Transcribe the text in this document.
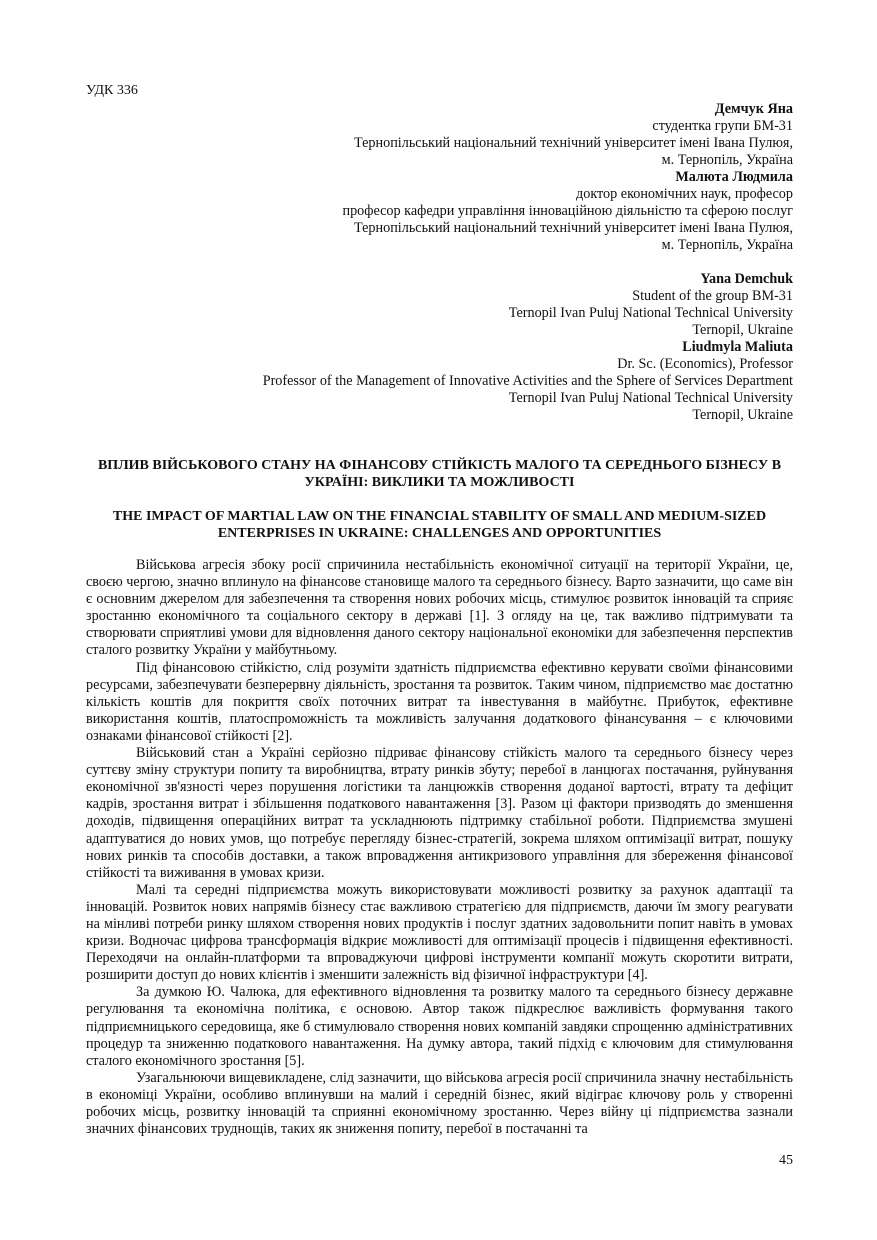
УДК 336
Демчук Яна
студентка групи БМ-31
Тернопільський національний технічний університет імені Івана Пулюя,
м. Тернопіль, Україна
Малюта Людмила
доктор економічних наук, професор
професор кафедри управління інноваційною діяльністю та сферою послуг
Тернопільський національний технічний університет імені Івана Пулюя,
м. Тернопіль, Україна
Yana Demchuk
Student of the group BM-31
Ternopil Ivan Puluj National Technical University
Ternopil, Ukraine
Liudmyla Maliuta
Dr. Sc. (Economics), Professor
Professor of the Management of Innovative Activities and the Sphere of Services Department
Ternopil Ivan Puluj National Technical University
Ternopil, Ukraine
ВПЛИВ ВІЙСЬКОВОГО СТАНУ НА ФІНАНСОВУ СТІЙКІСТЬ МАЛОГО ТА СЕРЕДНЬОГО БІЗНЕСУ В УКРАЇНІ: ВИКЛИКИ ТА МОЖЛИВОСТІ
THE IMPACT OF MARTIAL LAW ON THE FINANCIAL STABILITY OF SMALL AND MEDIUM-SIZED ENTERPRISES IN UKRAINE: CHALLENGES AND OPPORTUNITIES

Військова агресія збоку росії спричинила нестабільність економічної ситуації на території України, це, своєю чергою, значно вплинуло на фінансове становище малого та середнього бізнесу. Варто зазначити, що саме він є основним джерелом для забезпечення та створення нових робочих місць, стимулює розвиток інновацій та сприяє зростанню економічного та соціального сектору в державі [1]. З огляду на це, так важливо підтримувати та створювати сприятливі умови для відновлення даного сектору національної економіки для забезпечення перспектив сталого розвитку України у майбутньому.

Під фінансовою стійкістю, слід розуміти здатність підприємства ефективно керувати своїми фінансовими ресурсами, забезпечувати безперервну діяльність, зростання та розвиток. Таким чином, підприємство має достатню кількість коштів для покриття своїх поточних витрат та інвестування в майбутнє. Прибуток, ефективне використання коштів, платоспроможність та можливість залучання додаткового фінансування – є ключовими ознаками фінансової стійкості [2].

Військовий стан а Україні серйозно підриває фінансову стійкість малого та середнього бізнесу через суттєву зміну структури попиту та виробництва, втрату ринків збуту; перебої в ланцюгах постачання, руйнування економічної зв'язності через порушення логістики та ланцюжків створення доданої вартості, втрату та дефіцит кадрів, зростання витрат і збільшення податкового навантаження [3]. Разом ці фактори призводять до зменшення доходів, підвищення операційних витрат та ускладнюють підтримку стабільної роботи. Підприємства змушені адаптуватися до нових умов, що потребує перегляду бізнес-стратегій, зокрема шляхом оптимізації витрат, пошуку нових ринків та способів доставки, а також впровадження антикризового управління для збереження фінансової стійкості та виживання в умовах кризи.

Малі та середні підприємства можуть використовувати можливості розвитку за рахунок адаптації та інновацій. Розвиток нових напрямів бізнесу стає важливою стратегією для підприємств, даючи їм змогу реагувати на мінливі потреби ринку шляхом створення нових продуктів і послуг здатних задовольнити попит навіть в умовах кризи. Водночас цифрова трансформація відкриє можливості для оптимізації процесів і підвищення ефективності. Переходячи на онлайн-платформи та впроваджуючи цифрові інструменти компанії можуть скоротити витрати, розширити доступ до нових клієнтів і зменшити залежність від фізичної інфраструктури [4].

За думкою Ю. Чалюка, для ефективного відновлення та розвитку малого та середнього бізнесу державне регулювання та економічна політика, є основою. Автор також підкреслює важливість формування такого підприємницького середовища, яке б стимулювало створення нових компаній завдяки спрощенню адміністративних процедур та зниженню податкового навантаження. На думку автора, такий підхід є ключовим для стимулювання сталого економічного зростання [5].

Узагальнюючи вищевикладене, слід зазначити, що військова агресія росії спричинила значну нестабільність в економіці України, особливо вплинувши на малий і середній бізнес, який відіграє ключову роль у створенні робочих місць, розвитку інновацій та сприянні економічному зростанню. Через війну ці підприємства зазнали значних фінансових труднощів, таких як зниження попиту, перебої в постачанні та

45
